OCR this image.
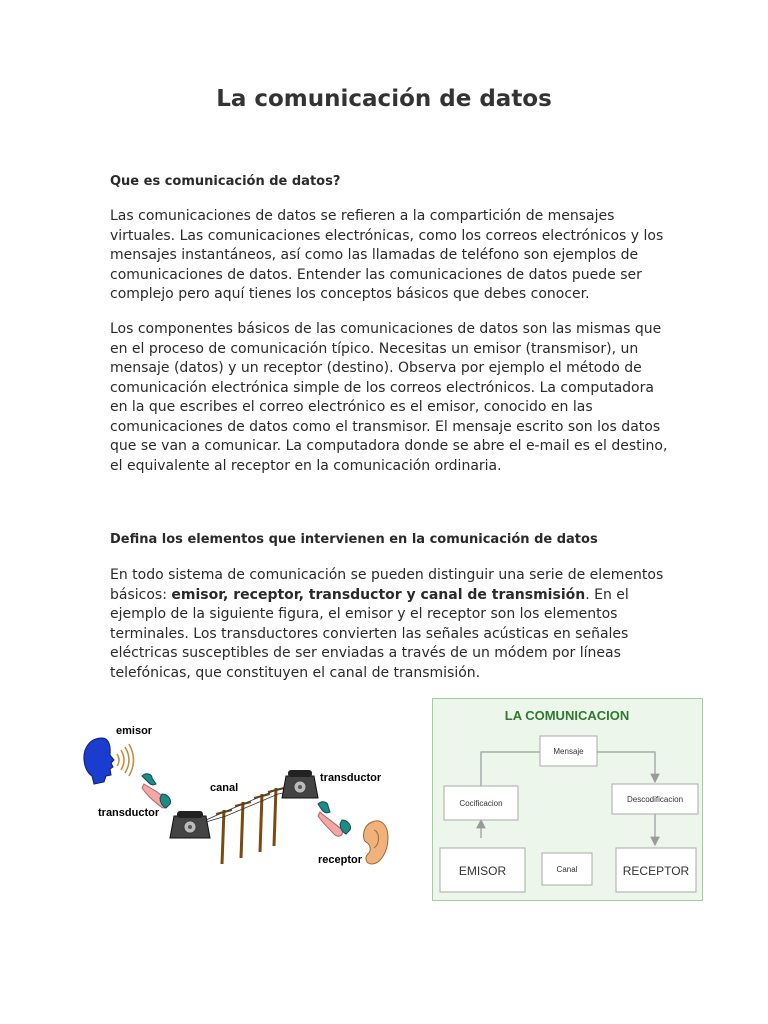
La comunicación de datos

Que es comunicación de datos?

Las comunicaciones de datos se refieren a la compartición de mensajes virtuales. Las comunicaciones electrónicas, como los correos electrónicos y los mensajes instantáneos, así como las llamadas de teléfono son ejemplos de comunicaciones de datos. Entender las comunicaciones de datos puede ser complejo pero aquí tienes los conceptos básicos que debes conocer.

Los componentes básicos de las comunicaciones de datos son las mismas que en el proceso de comunicación típico. Necesitas un emisor (transmisor), un mensaje (datos) y un receptor (destino). Observa por ejemplo el método de comunicación electrónica simple de los correos electrónicos. La computadora en la que escribes el correo electrónico es el emisor, conocido en las comunicaciones de datos como el transmisor. El mensaje escrito son los datos que se van a comunicar. La computadora donde se abre el e-mail es el destino, el equivalente al receptor en la comunicación ordinaria.

Defina los elementos que intervienen en la comunicación de datos

En todo sistema de comunicación se pueden distinguir una serie de elementos básicos: emisor, receptor, transductor y canal de transmisión. En el ejemplo de la siguiente figura, el emisor y el receptor son los elementos terminales. Los transductores convierten las señales acústicas en señales eléctricas susceptibles de ser enviadas a través de un módem por líneas telefónicas, que constituyen el canal de transmisión.

emisor
transductor
canal
transductor
receptor
LA COMUNICACION
Mensaje
Cocificacion	Descodificacion
EMISOR	Canal	RECEPTOR
